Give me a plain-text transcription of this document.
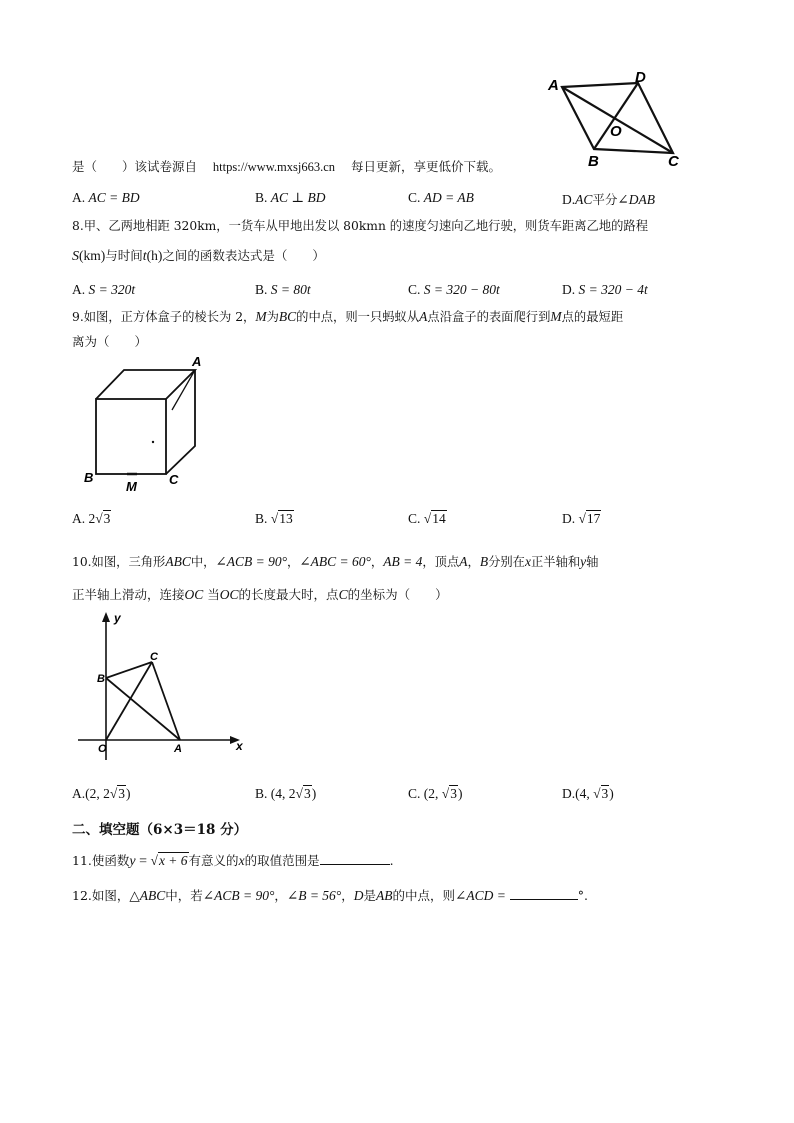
A	D
O
B	C
是（　　）该试卷源自 https://www.mxsj663.cn 每日更新，享更低价下载。
A. AC = BD	B. AC ⊥ BD	C. AD = AB	D.AC平分∠DAB
8.甲、乙两地相距 320km，一货车从甲地出发以 80kmn 的速度匀速向乙地行驶，则货车距离乙地的路程
S(km)与时间t(h)之间的函数表达式是（　　）
A. S = 320t	B. S = 80t	C. S = 320 − 80t	D. S = 320 − 4t
9.如图，正方体盒子的棱长为 2，M为BC的中点，则一只蚂蚁从A点沿盒子的表面爬行到M点的最短距
离为（　　）
A
B
M C
A. 2√3	B. √13	C. √14	D. √17
10.如图，三角形ABC中，∠ACB = 90°，∠ABC = 60°，AB = 4，顶点A，B分别在x正半轴和y轴
正半轴上滑动，连接OC 当OC的长度最大时，点C的坐标为（　　）
y
x
O	A
B
C
A.(2, 2√3)	B. (4, 2√3)	C. (2, √3)	D.(4, √3)
二、填空题（6×3＝18 分）
11.使函数y = √x + 6有意义的x的取值范围是	.
12.如图，△ABC中，若∠ACB = 90°，∠B = 56°，D是AB的中点，则∠ACD =	°.
